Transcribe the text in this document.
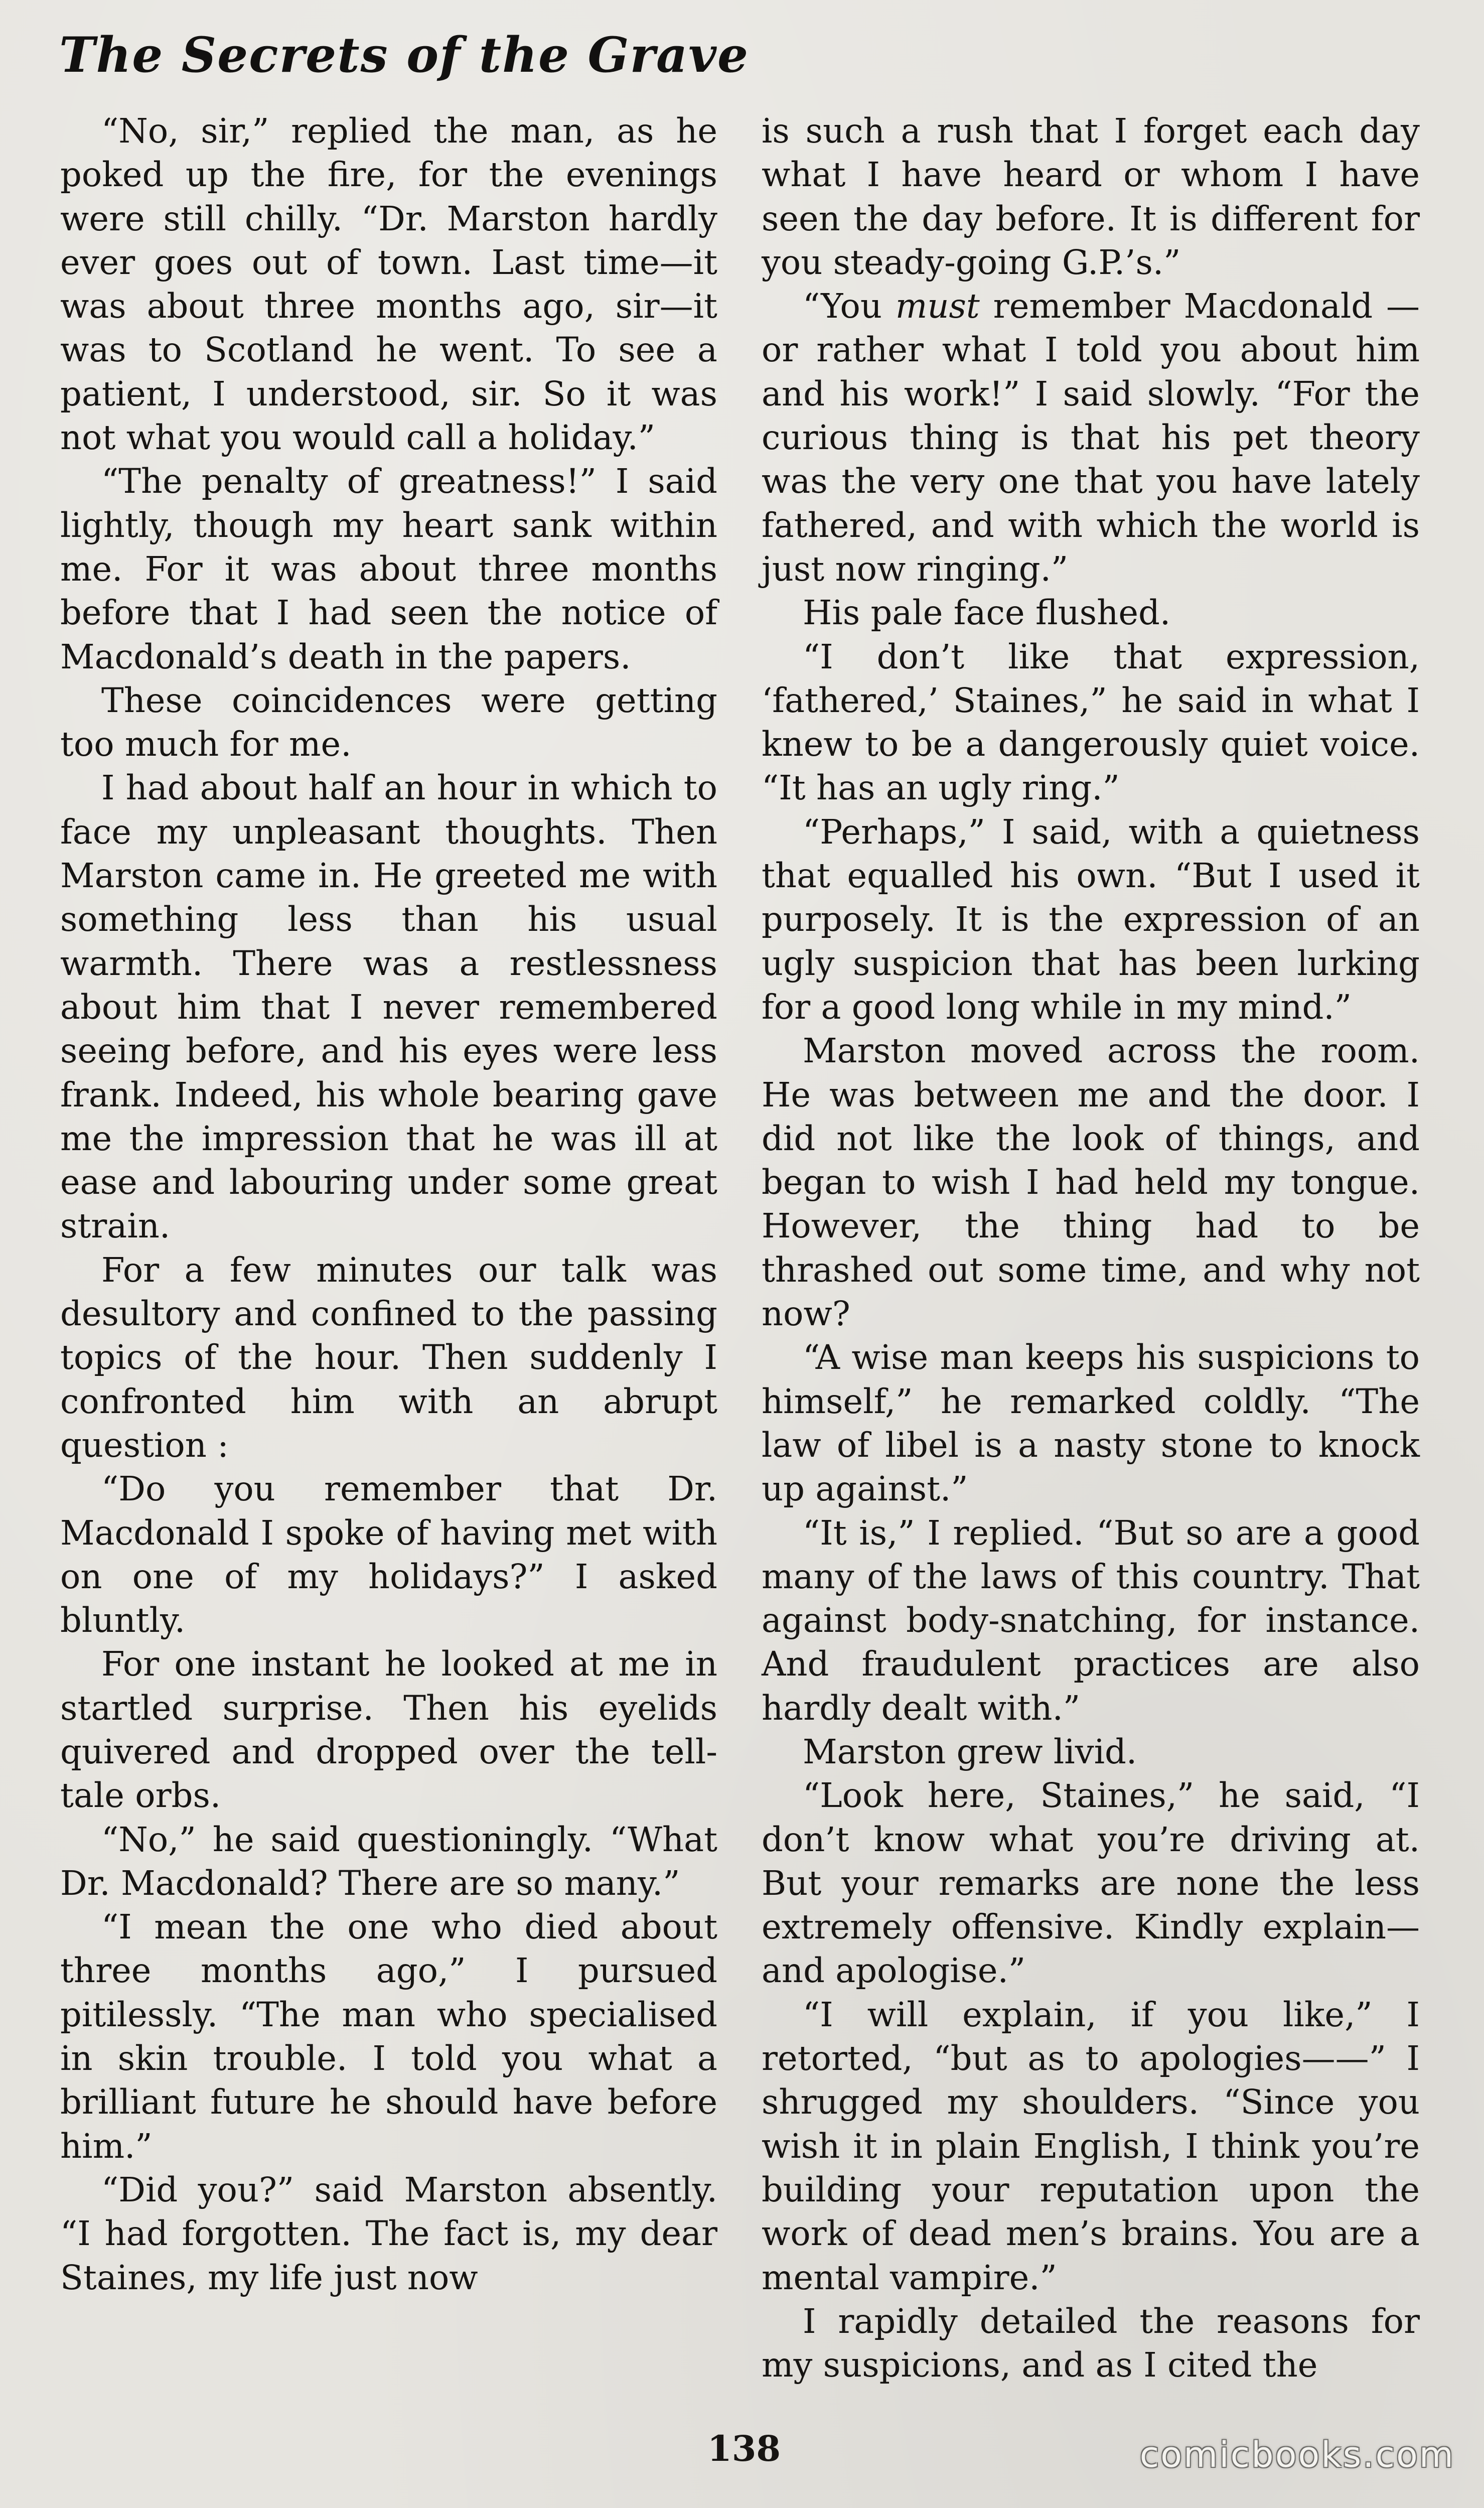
The Secrets of the Grave

“No, sir,” replied the man, as he poked up the fire, for the evenings were still chilly. “Dr. Marston hardly ever goes out of town. Last time—it was about three months ago, sir—it was to Scotland he went. To see a patient, I understood, sir. So it was not what you would call a holiday.”

“The penalty of greatness!” I said lightly, though my heart sank within me. For it was about three months before that I had seen the notice of Macdonald’s death in the papers.

These coincidences were getting too much for me.

I had about half an hour in which to face my unpleasant thoughts. Then Marston came in. He greeted me with something less than his usual warmth. There was a restlessness about him that I never remembered seeing before, and his eyes were less frank. Indeed, his whole bearing gave me the impression that he was ill at ease and labouring under some great strain.

For a few minutes our talk was desultory and confined to the passing topics of the hour. Then suddenly I confronted him with an abrupt question :

“Do you remember that Dr. Macdonald I spoke of having met with on one of my holidays?” I asked bluntly.

For one instant he looked at me in startled surprise. Then his eyelids quivered and dropped over the tell-tale orbs.

“No,” he said questioningly. “What Dr. Macdonald? There are so many.”

“I mean the one who died about three months ago,” I pursued pitilessly. “The man who specialised in skin trouble. I told you what a brilliant future he should have before him.”

“Did you?” said Marston absently. “I had forgotten. The fact is, my dear Staines, my life just now

is such a rush that I forget each day what I have heard or whom I have seen the day before. It is different for you steady-going G.P.’s.”

“You must remember Macdonald —or rather what I told you about him and his work!” I said slowly. “For the curious thing is that his pet theory was the very one that you have lately fathered, and with which the world is just now ringing.”

His pale face flushed.

“I don’t like that expression, ‘fathered,’ Staines,” he said in what I knew to be a dangerously quiet voice. “It has an ugly ring.”

“Perhaps,” I said, with a quietness that equalled his own. “But I used it purposely. It is the expression of an ugly suspicion that has been lurking for a good long while in my mind.”

Marston moved across the room. He was between me and the door. I did not like the look of things, and began to wish I had held my tongue. However, the thing had to be thrashed out some time, and why not now?

“A wise man keeps his suspicions to himself,” he remarked coldly. “The law of libel is a nasty stone to knock up against.”

“It is,” I replied. “But so are a good many of the laws of this country. That against body-snatching, for instance. And fraudulent practices are also hardly dealt with.”

Marston grew livid.

“Look here, Staines,” he said, “I don’t know what you’re driving at. But your remarks are none the less extremely offensive. Kindly explain—and apologise.”

“I will explain, if you like,” I retorted, “but as to apologies——” I shrugged my shoulders. “Since you wish it in plain English, I think you’re building your reputation upon the work of dead men’s brains. You are a mental vampire.”

I rapidly detailed the reasons for my suspicions, and as I cited the

138	comicbooks.com
